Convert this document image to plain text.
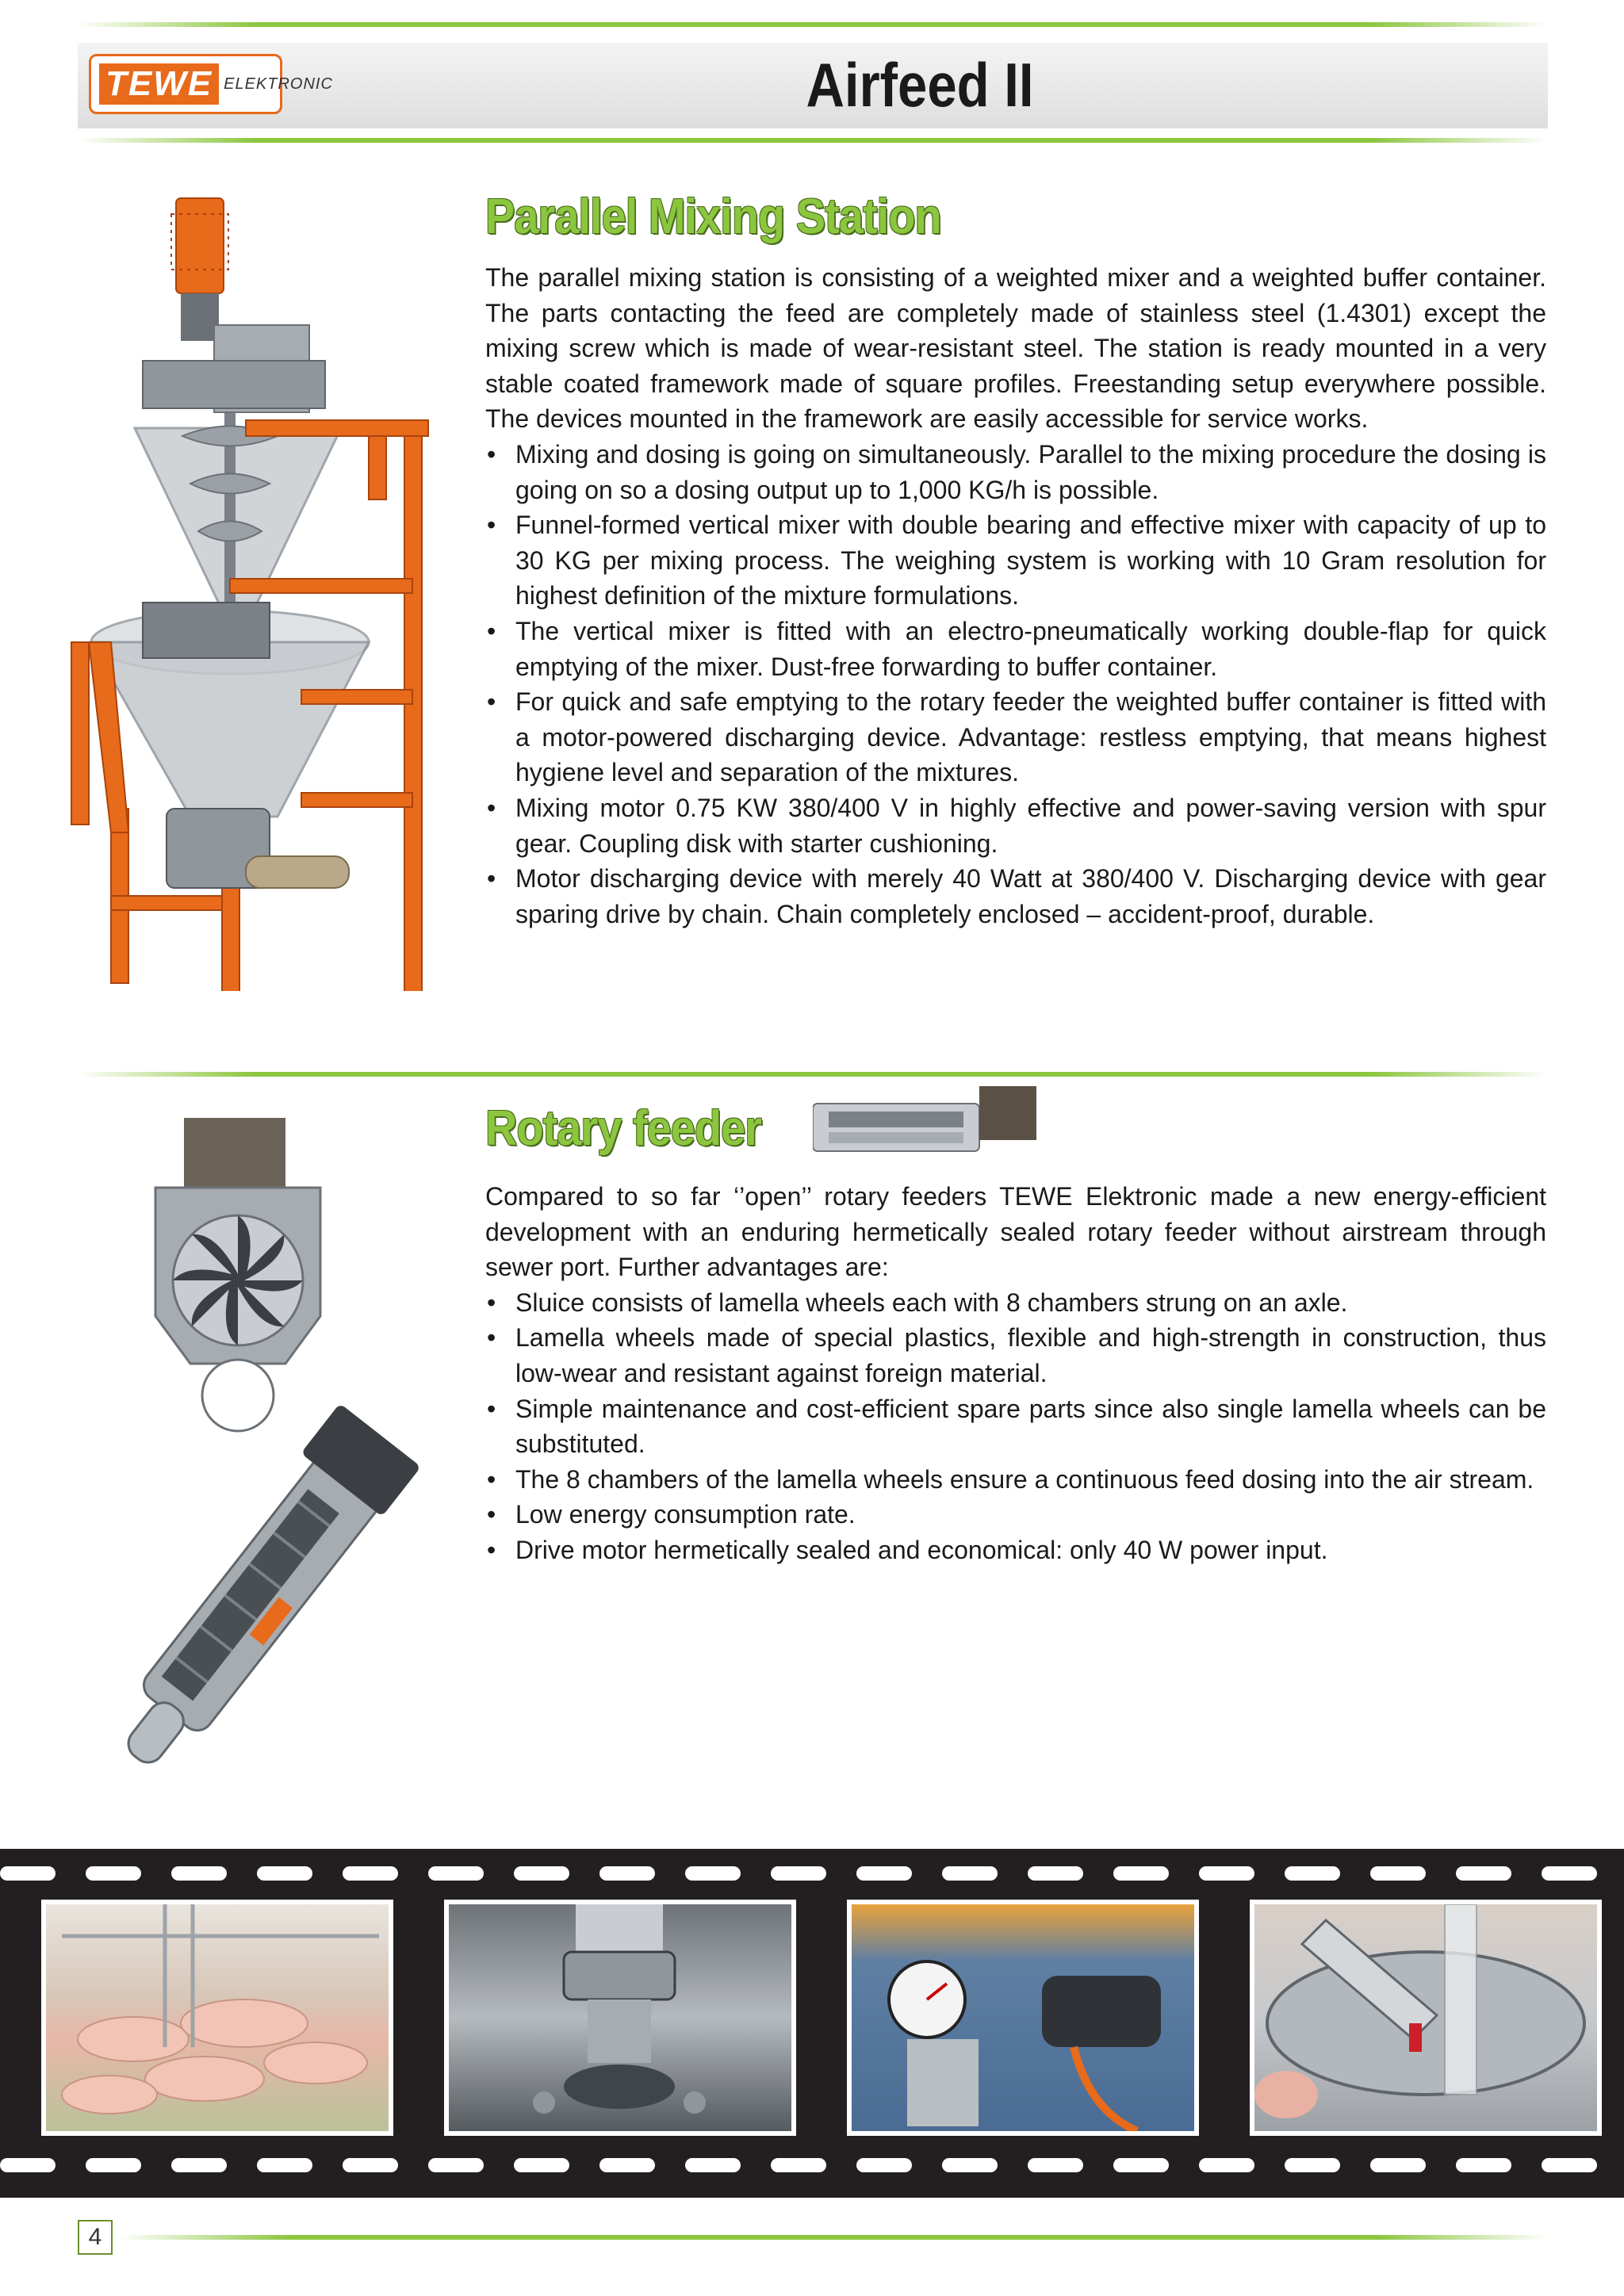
TEWE ELEKTRONIC	Airfeed II
Parallel Mixing Station

The parallel mixing station is consisting of a weighted mixer and a weighted buffer container. The parts contacting the feed are completely made of stainless steel (1.4301) except the mixing screw which is made of wear-resistant steel. The station is ready mounted in a very stable coated framework made of square profiles. Freestanding setup everywhere possible. The devices mounted in the framework are easily accessible for service works.

• Mixing and dosing is going on simultaneously. Parallel to the mixing procedure the dosing is going on so a dosing output up to 1,000 KG/h is possible.
• Funnel-formed vertical mixer with double bearing and effective mixer with capacity of up to 30 KG per mixing process. The weighing system is working with 10 Gram resolution for highest definition of the mixture formulations.
• The vertical mixer is fitted with an electro-pneumatically working double-flap for quick emptying of the mixer. Dust-free forwarding to buffer container.
• For quick and safe emptying to the rotary feeder the weighted buffer container is fitted with a motor-powered discharging device. Advantage: restless emptying, that means highest hygiene level and separation of the mixtures.
• Mixing motor 0.75 KW 380/400 V in highly effective and power-saving version with spur gear. Coupling disk with starter cushioning.
• Motor discharging device with merely 40 Watt at 380/400 V. Discharging device with gear sparing drive by chain. Chain completely enclosed – accident-proof, durable.
Rotary feeder

Compared to so far ‘’open’’ rotary feeders TEWE Elektronic made a new energy-efficient development with an enduring hermetically sealed rotary feeder without airstream through sewer port. Further advantages are:

• Sluice consists of lamella wheels each with 8 chambers strung on an axle.
• Lamella wheels made of special plastics, flexible and high-strength in construction, thus low-wear and resistant against foreign material.
• Simple maintenance and cost-efficient spare parts since also single lamella wheels can be substituted.
• The 8 chambers of the lamella wheels ensure a continuous feed dosing into the air stream.
• Low energy consumption rate.
• Drive motor hermetically sealed and economical: only 40 W power input.
4
